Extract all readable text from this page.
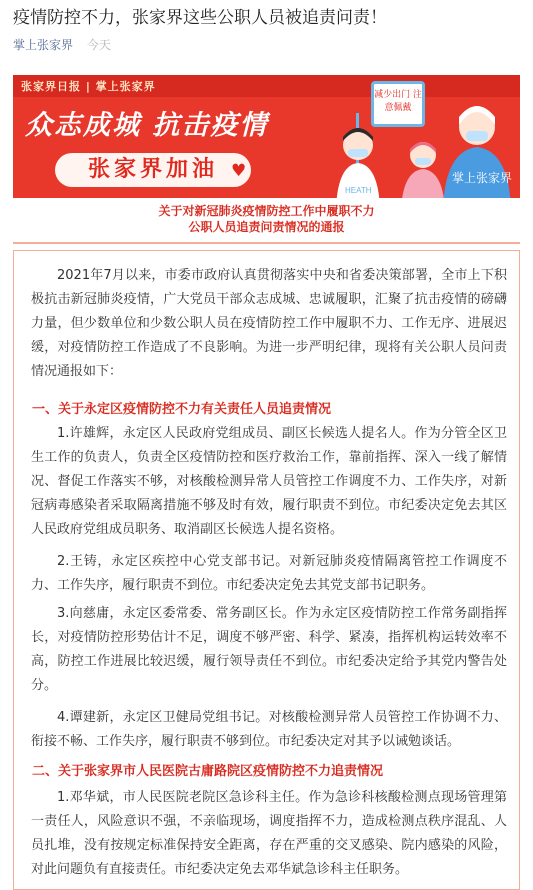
疫情防控不力，张家界这些公职人员被追责问责！
掌上张家界 今天
张家界日报 | 掌上张家界
众志成城 抗击疫情
张家界加油 ♥
减少出门 注意佩戴
HEATH
掌上张家界
关于对新冠肺炎疫情防控工作中履职不力
公职人员追责问责情况的通报

2021年7月以来，市委市政府认真贯彻落实中央和省委决策部署，全市上下积极抗击新冠肺炎疫情，广大党员干部众志成城、忠诚履职，汇聚了抗击疫情的磅礴力量，但少数单位和少数公职人员在疫情防控工作中履职不力、工作无序、进展迟缓，对疫情防控工作造成了不良影响。为进一步严明纪律，现将有关公职人员问责情况通报如下：

一、关于永定区疫情防控不力有关责任人员追责情况

1.许雄辉，永定区人民政府党组成员、副区长候选人提名人。作为分管全区卫生工作的负责人，负责全区疫情防控和医疗救治工作，靠前指挥、深入一线了解情况、督促工作落实不够，对核酸检测异常人员管控工作调度不力、工作失序，对新冠病毒感染者采取隔离措施不够及时有效，履行职责不到位。市纪委决定免去其区人民政府党组成员职务、取消副区长候选人提名资格。

2.王铸，永定区疾控中心党支部书记。对新冠肺炎疫情隔离管控工作调度不力、工作失序，履行职责不到位。市纪委决定免去其党支部书记职务。

3.向慈庸，永定区委常委、常务副区长。作为永定区疫情防控工作常务副指挥长，对疫情防控形势估计不足，调度不够严密、科学、紧凑，指挥机构运转效率不高，防控工作进展比较迟缓，履行领导责任不到位。市纪委决定给予其党内警告处分。

4.谭建新，永定区卫健局党组书记。对核酸检测异常人员管控工作协调不力、衔接不畅、工作失序，履行职责不够到位。市纪委决定对其予以诫勉谈话。

二、关于张家界市人民医院古庸路院区疫情防控不力追责情况

1.邓华斌，市人民医院老院区急诊科主任。作为急诊科核酸检测点现场管理第一责任人，风险意识不强，不亲临现场，调度指挥不力，造成检测点秩序混乱、人员扎堆，没有按规定标准保持安全距离，存在严重的交叉感染、院内感染的风险，对此问题负有直接责任。市纪委决定免去邓华斌急诊科主任职务。
